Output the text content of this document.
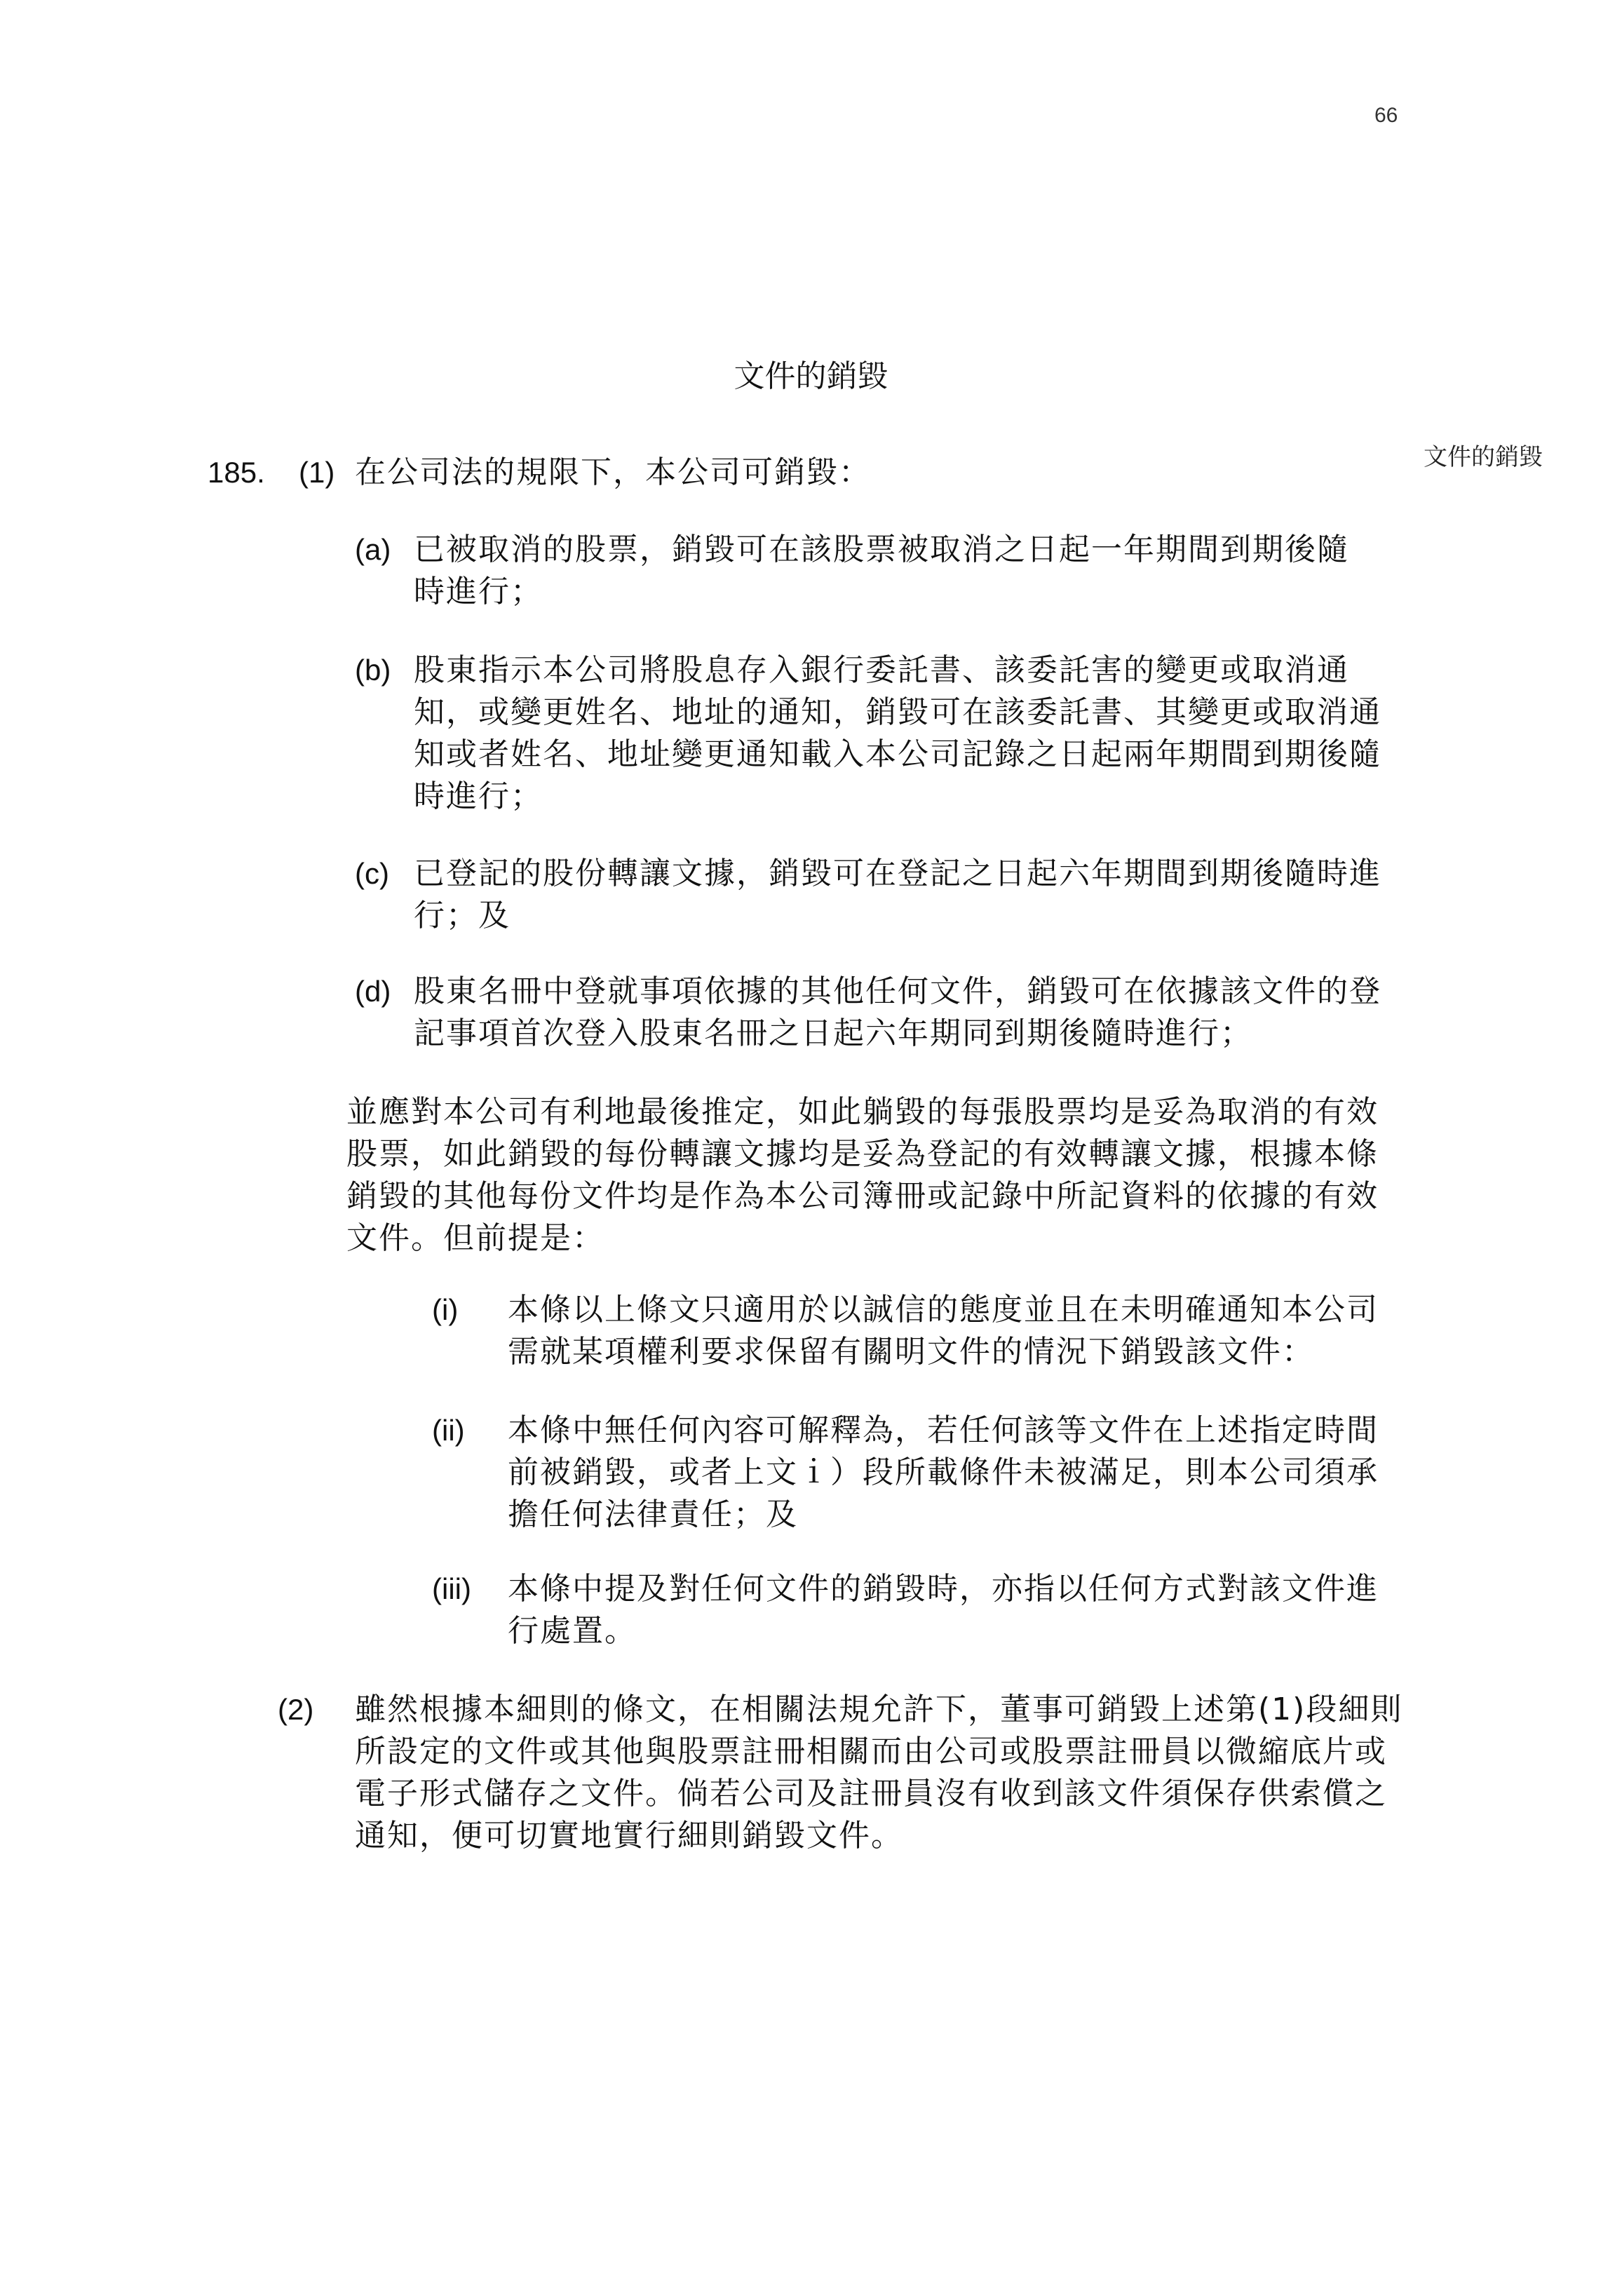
66
文件的銷毀
文件的銷毀
185. (1) 在公司法的規限下，本公司可銷毀：
(a) 已被取消的股票，銷毀可在該股票被取消之日起一年期間到期後隨
時進行；
(b) 股東指示本公司將股息存入銀行委託書、該委託害的變更或取消通
知，或變更姓名、地址的通知，銷毀可在該委託書、其變更或取消通
知或者姓名、地址變更通知載入本公司記錄之日起兩年期間到期後隨
時進行；
(c) 已登記的股份轉讓文據，銷毀可在登記之日起六年期間到期後隨時進
行；及
(d) 股東名冊中登就事項依據的其他任何文件，銷毀可在依據該文件的登
記事項首次登入股東名冊之日起六年期同到期後隨時進行；
並應對本公司有利地最後推定，如此躺毀的每張股票均是妥為取消的有效
股票，如此銷毀的每份轉讓文據均是妥為登記的有效轉讓文據，根據本條
銷毀的其他每份文件均是作為本公司簿冊或記錄中所記資料的依據的有效
文件。但前提是：
(i) 本條以上條文只適用於以誠信的態度並且在未明確通知本公司
需就某項權利要求保留有關明文件的情況下銷毀該文件：
(ii) 本條中無任何內容可解釋為，若任何該等文件在上述指定時間
前被銷毀，或者上文ｉ）段所載條件未被滿足，則本公司須承
擔任何法律責任；及
(iii) 本條中提及對任何文件的銷毀時，亦指以任何方式對該文件進
行處置。
(2) 雖然根據本細則的條文，在相關法規允許下，董事可銷毀上述第(1)段細則
所設定的文件或其他與股票註冊相關而由公司或股票註冊員以微縮底片或
電子形式儲存之文件。倘若公司及註冊員沒有收到該文件須保存供索償之
通知，便可切實地實行細則銷毀文件。
